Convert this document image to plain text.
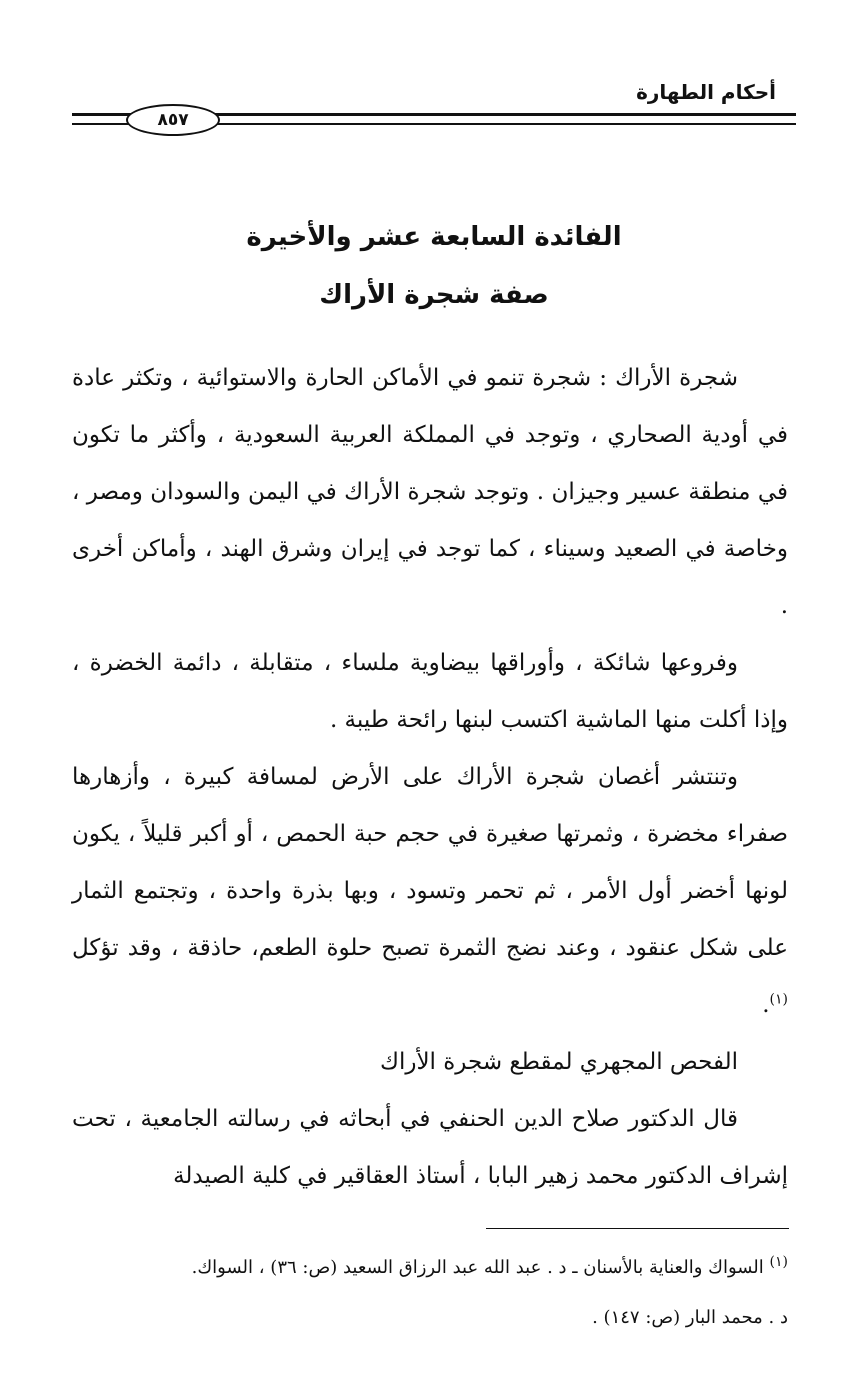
أحكام الطهارة
٨٥٧
الفائدة السابعة عشر والأخيرة
صفة شجرة الأراك

شجرة الأراك : شجرة تنمو في الأماكن الحارة والاستوائية ، وتكثر عادة في أودية الصحاري ، وتوجد في المملكة العربية السعودية ، وأكثر ما تكون في منطقة عسير وجيزان . وتوجد شجرة الأراك في اليمن والسودان ومصر ، وخاصة في الصعيد وسيناء ، كما توجد في إيران وشرق الهند ، وأماكن أخرى .

وفروعها شائكة ، وأوراقها بيضاوية ملساء ، متقابلة ، دائمة الخضرة ، وإذا أكلت منها الماشية اكتسب لبنها رائحة طيبة .

وتنتشر أغصان شجرة الأراك على الأرض لمسافة كبيرة ، وأزهارها صفراء مخضرة ، وثمرتها صغيرة في حجم حبة الحمص ، أو أكبر قليلاً ، يكون لونها أخضر أول الأمر ، ثم تحمر وتسود ، وبها بذرة واحدة ، وتجتمع الثمار على شكل عنقود ، وعند نضج الثمرة تصبح حلوة الطعم، حاذقة ، وقد تؤكل $^{(١)}$.

الفحص المجهري لمقطع شجرة الأراك

قال الدكتور صلاح الدين الحنفي في أبحاثه في رسالته الجامعية ، تحت إشراف الدكتور محمد زهير البابا ، أستاذ العقاقير في كلية الصيدلة

$^{(١)}$ السواك والعناية بالأسنان ـ د . عبد الله عبد الرزاق السعيد (ص: ٣٦) ، السواك.

د . محمد البار (ص: ١٤٧) .
